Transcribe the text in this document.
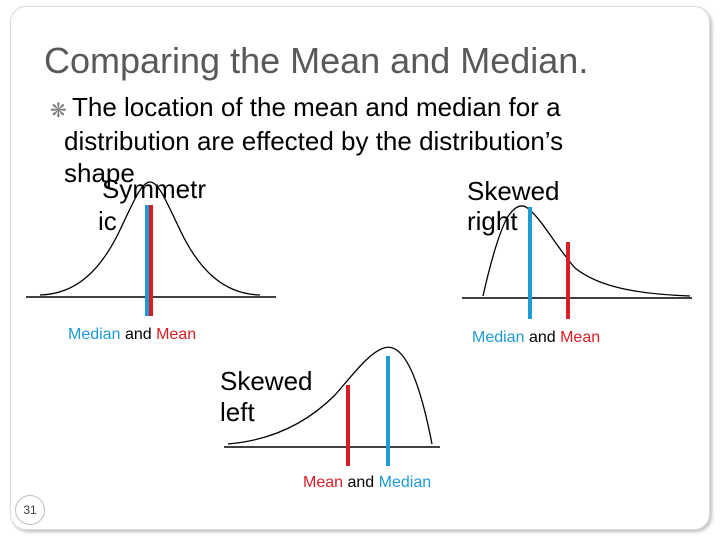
Comparing the Mean and Median.
❋ The location of the mean and median for a
distribution are effected by the distribution’s
shape
Symmetr
ic
Skewed
right
Skewed
left
Median and Mean	Median and Mean
Mean and Median
31
